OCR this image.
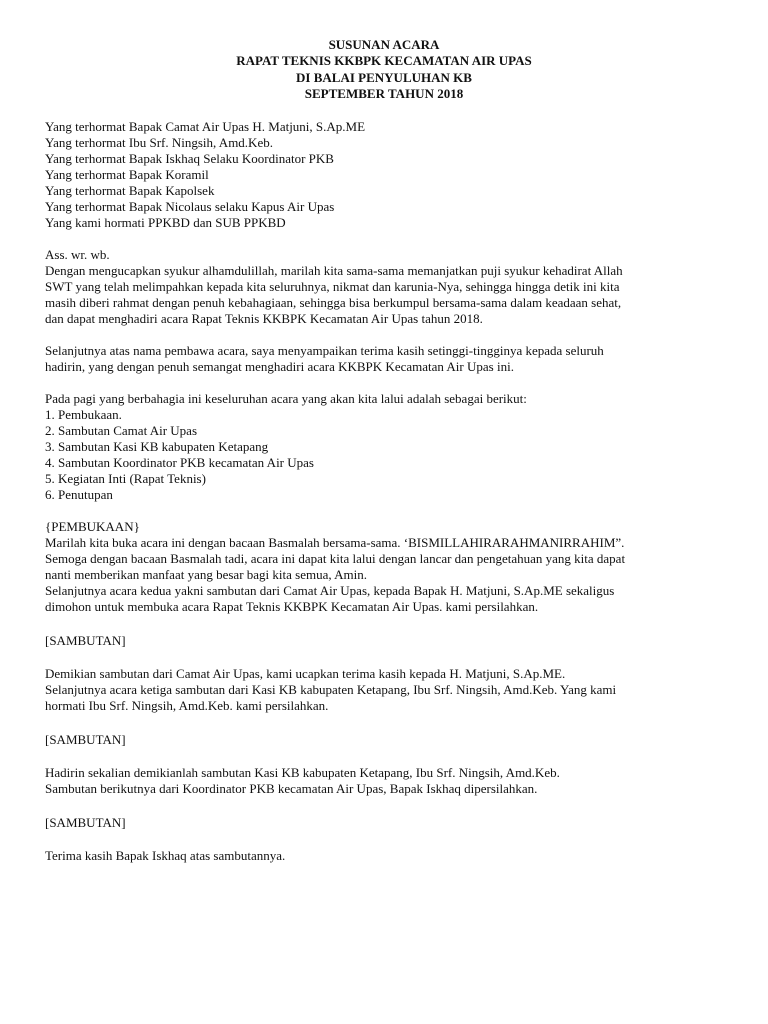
SUSUNAN ACARA
RAPAT TEKNIS KKBPK KECAMATAN AIR UPAS
DI BALAI PENYULUHAN KB
SEPTEMBER TAHUN 2018
Yang terhormat Bapak Camat Air Upas H. Matjuni, S.Ap.ME
Yang terhormat Ibu Srf. Ningsih, Amd.Keb.
Yang terhormat Bapak Iskhaq Selaku Koordinator PKB
Yang terhormat Bapak Koramil
Yang terhormat Bapak Kapolsek
Yang terhormat Bapak Nicolaus selaku Kapus Air Upas
Yang kami hormati PPKBD dan SUB PPKBD
Ass. wr. wb.
Dengan mengucapkan syukur alhamdulillah, marilah kita sama-sama memanjatkan puji syukur kehadirat Allah
SWT yang telah melimpahkan kepada kita seluruhnya, nikmat dan karunia-Nya, sehingga hingga detik ini kita
masih diberi rahmat dengan penuh kebahagiaan, sehingga bisa berkumpul bersama-sama dalam keadaan sehat,
dan dapat menghadiri acara Rapat Teknis KKBPK Kecamatan Air Upas tahun 2018.
Selanjutnya atas nama pembawa acara, saya menyampaikan terima kasih setinggi-tingginya kepada seluruh
hadirin, yang dengan penuh semangat menghadiri acara KKBPK Kecamatan Air Upas ini.
Pada pagi yang berbahagia ini keseluruhan acara yang akan kita lalui adalah sebagai berikut:
1. Pembukaan.
2. Sambutan Camat Air Upas
3. Sambutan Kasi KB kabupaten Ketapang
4. Sambutan Koordinator PKB kecamatan Air Upas
5. Kegiatan Inti (Rapat Teknis)
6. Penutupan
{PEMBUKAAN}
Marilah kita buka acara ini dengan bacaan Basmalah bersama-sama. ‘BISMILLAHIRARAHMANIRRAHIM”.
Semoga dengan bacaan Basmalah tadi, acara ini dapat kita lalui dengan lancar dan pengetahuan yang kita dapat
nanti memberikan manfaat yang besar bagi kita semua, Amin.
Selanjutnya acara kedua yakni sambutan dari Camat Air Upas, kepada Bapak H. Matjuni, S.Ap.ME sekaligus
dimohon untuk membuka acara Rapat Teknis KKBPK Kecamatan Air Upas. kami persilahkan.
[SAMBUTAN]
Demikian sambutan dari Camat Air Upas, kami ucapkan terima kasih kepada H. Matjuni, S.Ap.ME.
Selanjutnya acara ketiga sambutan dari Kasi KB kabupaten Ketapang, Ibu Srf. Ningsih, Amd.Keb. Yang kami
hormati Ibu Srf. Ningsih, Amd.Keb. kami persilahkan.
[SAMBUTAN]
Hadirin sekalian demikianlah sambutan Kasi KB kabupaten Ketapang, Ibu Srf. Ningsih, Amd.Keb.
Sambutan berikutnya dari Koordinator PKB kecamatan Air Upas, Bapak Iskhaq dipersilahkan.
[SAMBUTAN]
Terima kasih Bapak Iskhaq atas sambutannya.
